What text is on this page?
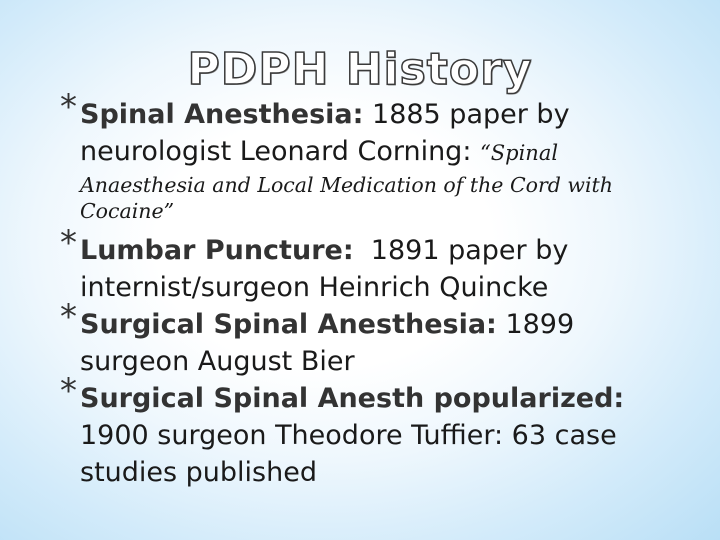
PDPH History
* Spinal Anesthesia: 1885 paper by
neurologist Leonard Corning: “Spinal
Anaesthesia and Local Medication of the Cord with
Cocaine”
* Lumbar Puncture: 1891 paper by
internist/surgeon Heinrich Quincke
* Surgical Spinal Anesthesia: 1899
surgeon August Bier
* Surgical Spinal Anesth popularized:
1900 surgeon Theodore Tuffier: 63 case
studies published
